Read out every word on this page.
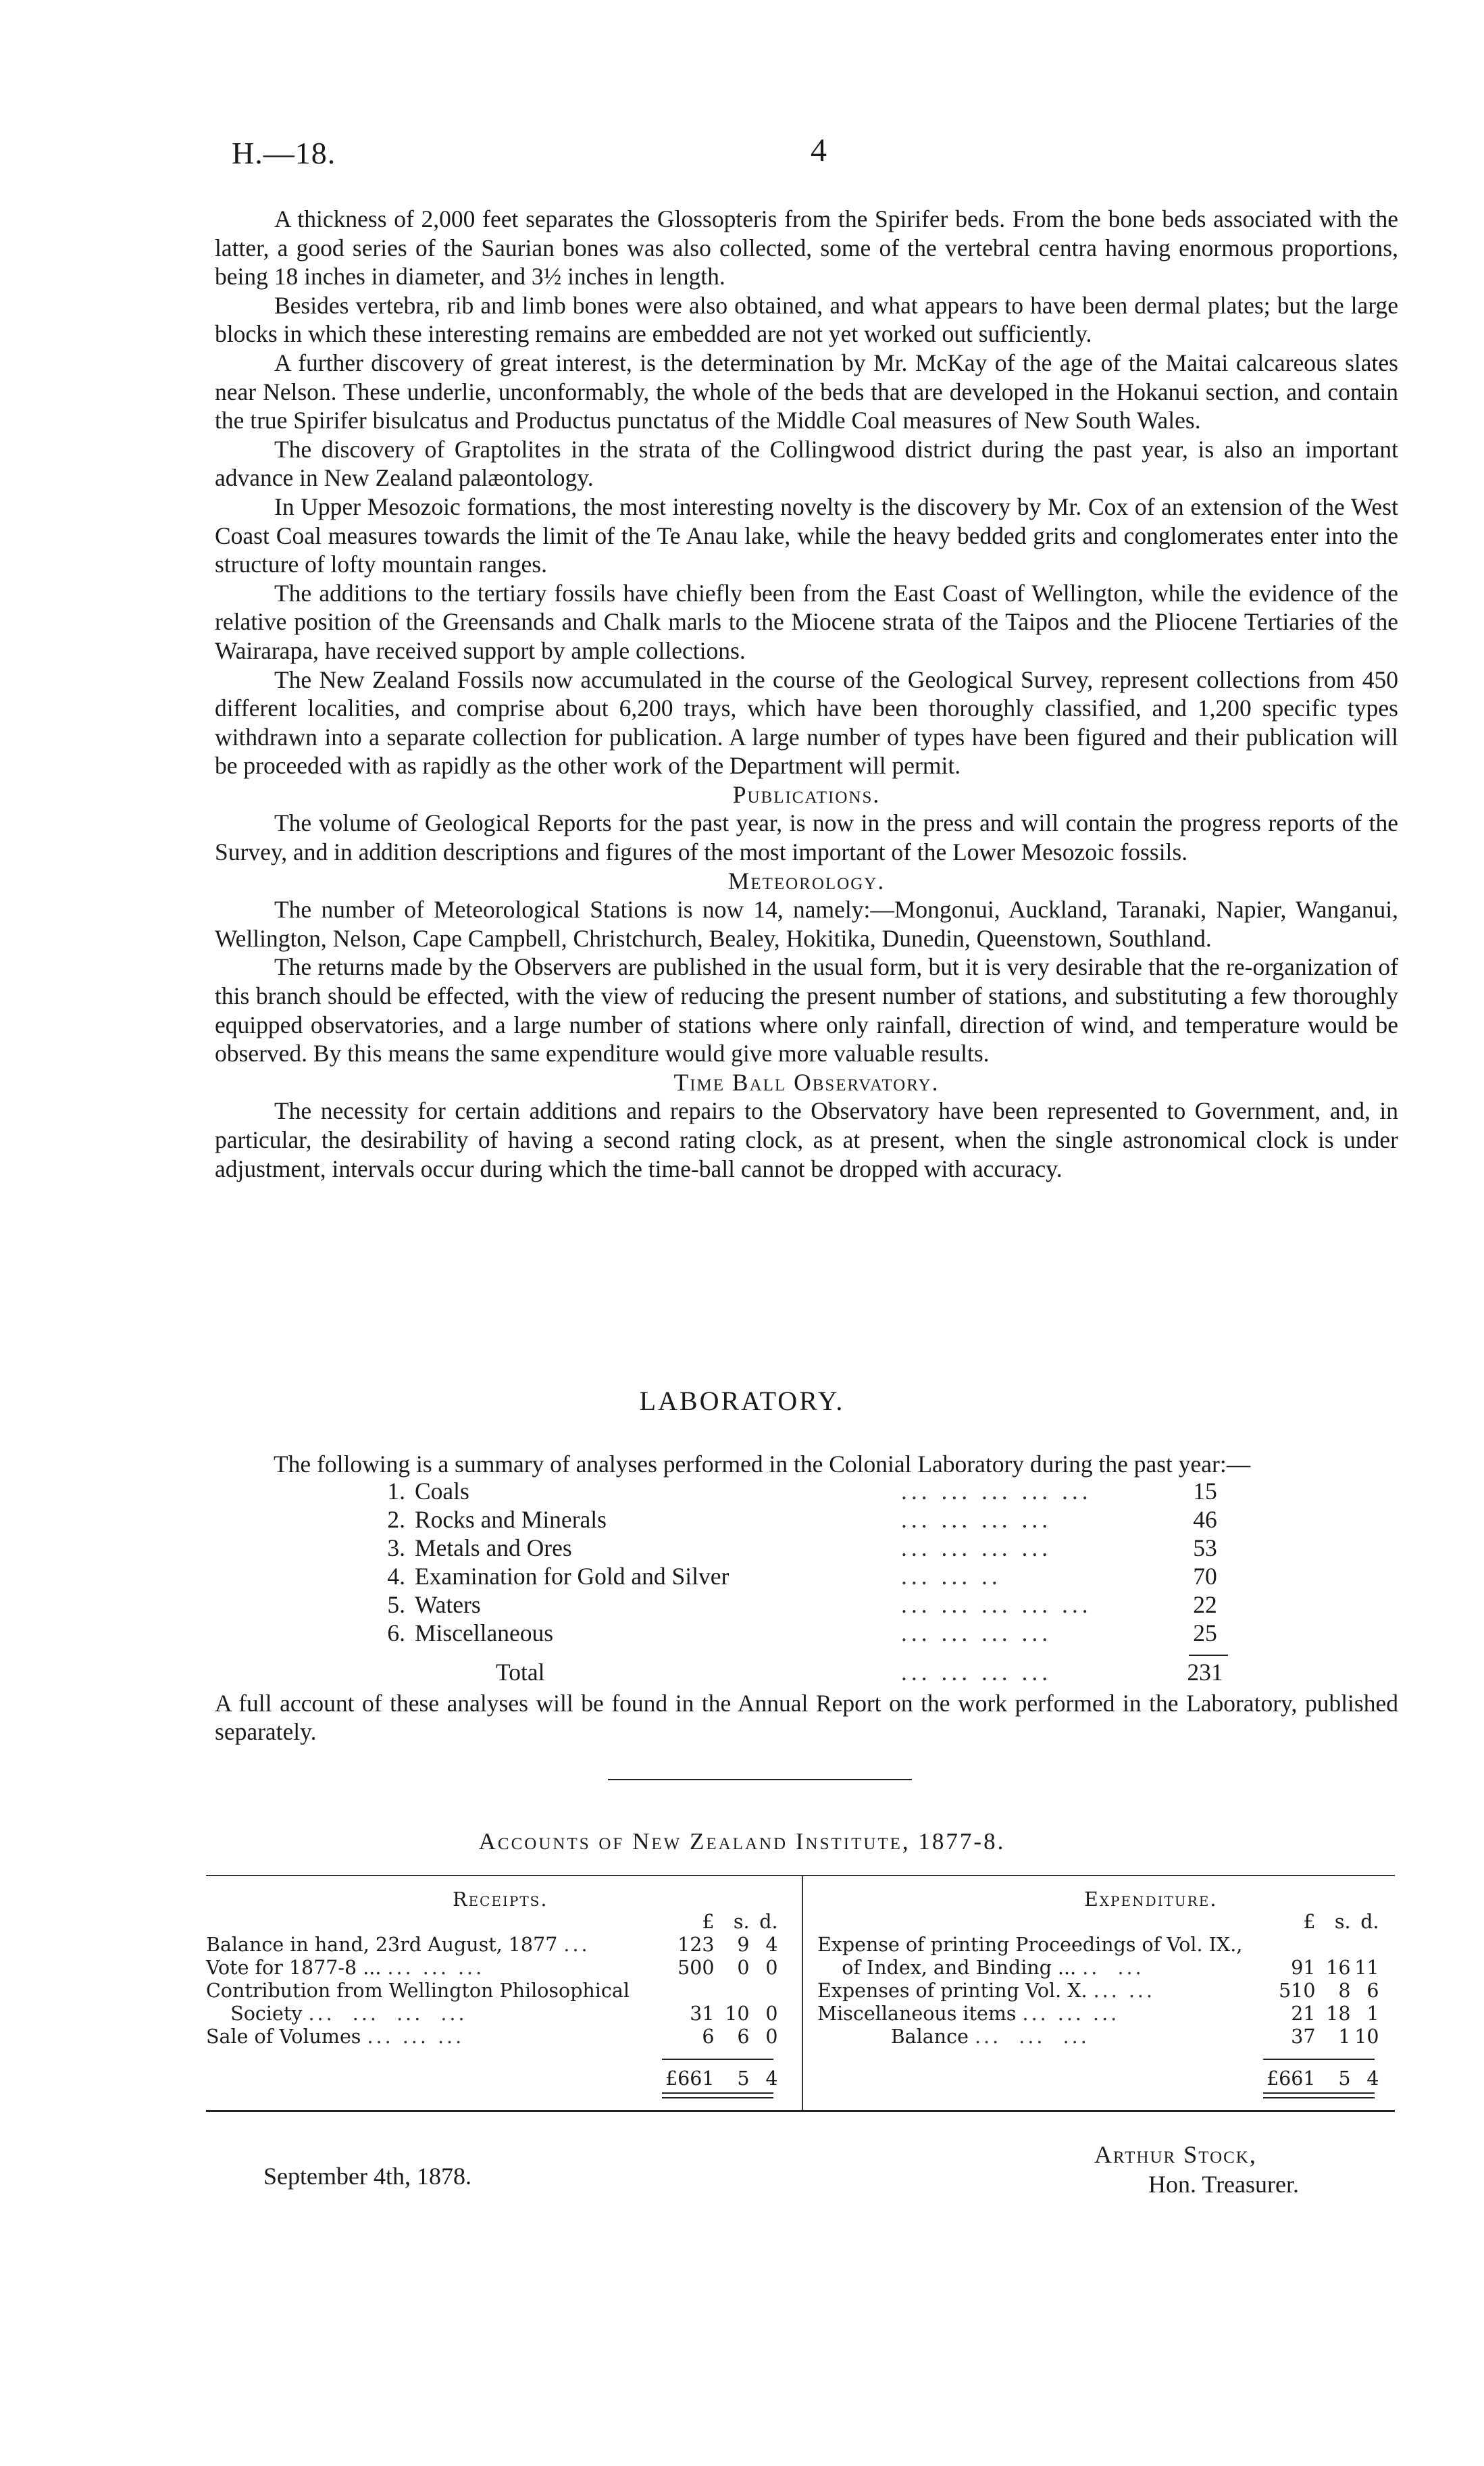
H.—18.	4

A thickness of 2,000 feet separates the Glossopteris from the Spirifer beds. From the bone beds associated with the latter, a good series of the Saurian bones was also collected, some of the vertebral centra having enormous proportions, being 18 inches in diameter, and 3½ inches in length.

Besides vertebra, rib and limb bones were also obtained, and what appears to have been dermal plates; but the large blocks in which these interesting remains are embedded are not yet worked out sufficiently.

A further discovery of great interest, is the determination by Mr. McKay of the age of the Maitai calcareous slates near Nelson. These underlie, unconformably, the whole of the beds that are developed in the Hokanui section, and contain the true Spirifer bisulcatus and Productus punctatus of the Middle Coal measures of New South Wales.

The discovery of Graptolites in the strata of the Collingwood district during the past year, is also an important advance in New Zealand palæontology.

In Upper Mesozoic formations, the most interesting novelty is the discovery by Mr. Cox of an extension of the West Coast Coal measures towards the limit of the Te Anau lake, while the heavy bedded grits and conglomerates enter into the structure of lofty mountain ranges.

The additions to the tertiary fossils have chiefly been from the East Coast of Wellington, while the evidence of the relative position of the Greensands and Chalk marls to the Miocene strata of the Taipos and the Pliocene Tertiaries of the Wairarapa, have received support by ample collections.

The New Zealand Fossils now accumulated in the course of the Geological Survey, represent collections from 450 different localities, and comprise about 6,200 trays, which have been thoroughly classified, and 1,200 specific types withdrawn into a separate collection for publication. A large number of types have been figured and their publication will be proceeded with as rapidly as the other work of the Department will permit.

Publications.

The volume of Geological Reports for the past year, is now in the press and will contain the progress reports of the Survey, and in addition descriptions and figures of the most important of the Lower Mesozoic fossils.

Meteorology.

The number of Meteorological Stations is now 14, namely:—Mongonui, Auckland, Taranaki, Napier, Wanganui, Wellington, Nelson, Cape Campbell, Christchurch, Bealey, Hokitika, Dunedin, Queenstown, Southland.

The returns made by the Observers are published in the usual form, but it is very desirable that the re-organization of this branch should be effected, with the view of reducing the present number of stations, and substituting a few thoroughly equipped observatories, and a large number of stations where only rainfall, direction of wind, and temperature would be observed. By this means the same expenditure would give more valuable results.

Time Ball Observatory.

The necessity for certain additions and repairs to the Observatory have been represented to Government, and, in particular, the desirability of having a second rating clock, as at present, when the single astronomical clock is under adjustment, intervals occur during which the time-ball cannot be dropped with accuracy.

LABORATORY.
The following is a summary of analyses performed in the Colonial Laboratory during the past year:—
1.	Coals	... ... ... ... ...	15
2.	Rocks and Minerals	... ... ... ...	46
3.	Metals and Ores	... ... ... ...	53
4.	Examination for Gold and Silver	... ... ..	70
5.	Waters	... ... ... ... ...	22
6.	Miscellaneous	... ... ... ...	25
	Total	... ... ... ...	231
A full account of these analyses will be found in the Annual Report on the work performed in the Laboratory, published separately.
Accounts of New Zealand Institute, 1877-8.
Receipts.	Expenditure.
	£	s.	d.
Balance in hand, 23rd August, 1877 ...	123	9	4
Vote for 1877-8 ... ... ... ...	500	0	0
Contribution from Wellington Philosophical			
Society ...  ...  ...  ...	31	10	0
Sale of Volumes ... ... ...	6	6	0
	£661	5	4
	£	s.	d.
Expense of printing Proceedings of Vol. IX.,			
of Index, and Binding ... ..  ...	91	16	11
Expenses of printing Vol. X. ... ...	510	8	6
Miscellaneous items ... ... ...	21	18	1
Balance ...  ...  ...	37	1	10
	£661	5	4
September 4th, 1878.
Arthur Stock,
Hon. Treasurer.
